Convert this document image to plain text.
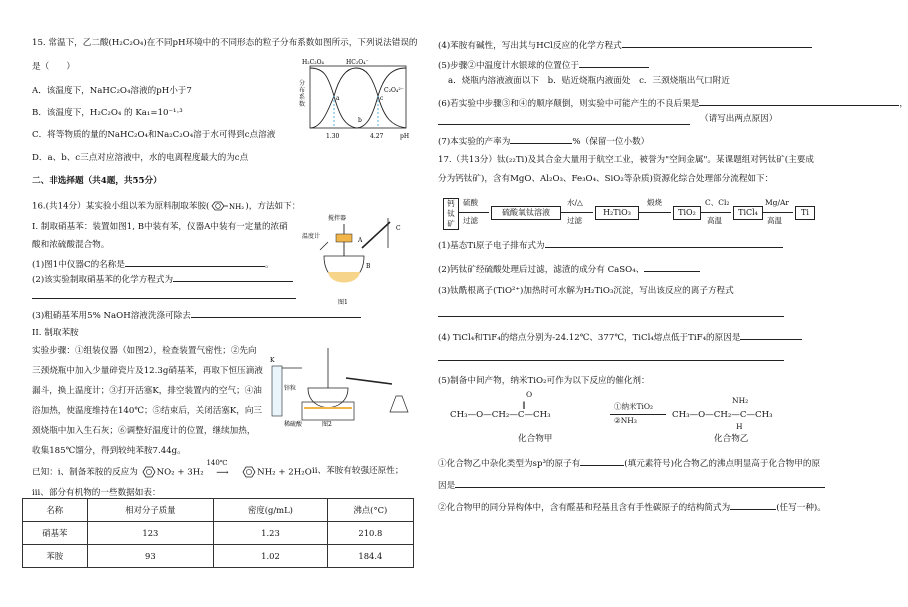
15. 常温下，乙二酸(H₂C₂O₄)在不同pH环境中的不同形态的粒子分布系数如图所示，下列说法错误的
是（　　）
A．该温度下，NaHC₂O₄溶液的pH小于7
B．该温度下，H₂C₂O₄ 的 Ka₁=10⁻¹·³
C．将等物质的量的NaHC₂O₄和Na₂C₂O₄溶于水可得到c点溶液
D．a、b、c三点对应溶液中，水的电离程度最大的为c点
H₂C₂O₄	HC₂O₄⁻
C₂O₄²⁻
a
b
c
1.30	4.27	pH
分布系数
二、非选择题（共4题，共55分）
16.(共14分）某实验小组以苯为原料制取苯胺(	NH₂ )，方法如下：
I. 制取硝基苯：装置如图1, B中装有苯，仪器A中装有一定量的浓硝
酸和浓硫酸混合物。
(1)图1中仪器C的名称是	。
(2)该实验制取硝基苯的化学方程式为
(3)粗硝基苯用5% NaOH溶液洗涤可除去
搅拌器
温度计
A
B
C
图1
II. 制取苯胺
实验步骤：①组装仪器（如图2），检查装置气密性；②先向
三颈烧瓶中加入少量碎瓷片及12.3g硝基苯，再取下恒压滴液
漏斗，换上温度计；③打开活塞K，排空装置内的空气；④油
浴加热，使温度维持在140℃；⑤结束后，关闭活塞K，向三
颈烧瓶中加入生石灰；⑥调整好温度计的位置，继续加热，
收集185℃馏分，得到较纯苯胺7.44g。
K
锌粒
稀硫酸	图2
已知：i、制备苯胺的反应为 NO₂ + 3H₂
140℃
⟶	NH₂ + 2H₂O ii、苯胺有较强还原性；
iii、部分有机物的一些数据如表：
名称	相对分子质量	密度(g/mL)	沸点(°C)
硝基苯	123	1.23	210.8
苯胺	93	1.02	184.4
(4)苯胺有碱性，写出其与HCl反应的化学方程式
(5)步骤②中温度计水银球的位置位于
a．烧瓶内溶液液面以下　b．贴近烧瓶内液面处　c．三颈烧瓶出气口附近
(6)若实验中步骤③和④的顺序颠倒，则实验中可能产生的不良后果是	，
（请写出两点原因）
(7)本实验的产率为	%（保留一位小数）
17.（共13分）钛(₂₂Ti)及其合金大量用于航空工业，被誉为"空间金属"。某课题组对钙钛矿(主要成
分为钙钛矿)，含有MgO、Al₂O₃、Fe₃O₄、SiO₂等杂质)资源化综合处理部分流程如下：
钙钛矿
硫酸
过滤
硫酸氧钛溶液
水/△
过滤
H₂TiO₃
煅烧
TiO₂
C、Cl₂
高温
TiCl₄
Mg/Ar
高温
Ti
(1)基态Ti原子电子排布式为
(2)钙钛矿经硫酸处理后过滤，滤渣的成分有 CaSO₄、
(3)钛酰根离子(TiO²⁺)加热时可水解为H₂TiO₃沉淀，写出该反应的离子方程式
(4) TiCl₄和TiF₄的熔点分别为-24.12℃、377℃，TiCl₄熔点低于TiF₄的原因是
(5)制备中间产物，纳米TiO₂可作为以下反应的催化剂：
O
‖
CH₃—O—CH₂—C—CH₃
①纳米TiO₂
②NH₃
NH₂
CH₃—O—CH₂—C—CH₃
H
化合物甲	化合物乙
①化合物乙中杂化类型为sp³的原子有	(填元素符号)化合物乙的沸点明显高于化合物甲的原
因是
②化合物甲的同分异构体中，含有醛基和羟基且含有手性碳原子的结构简式为	(任写一种)。
